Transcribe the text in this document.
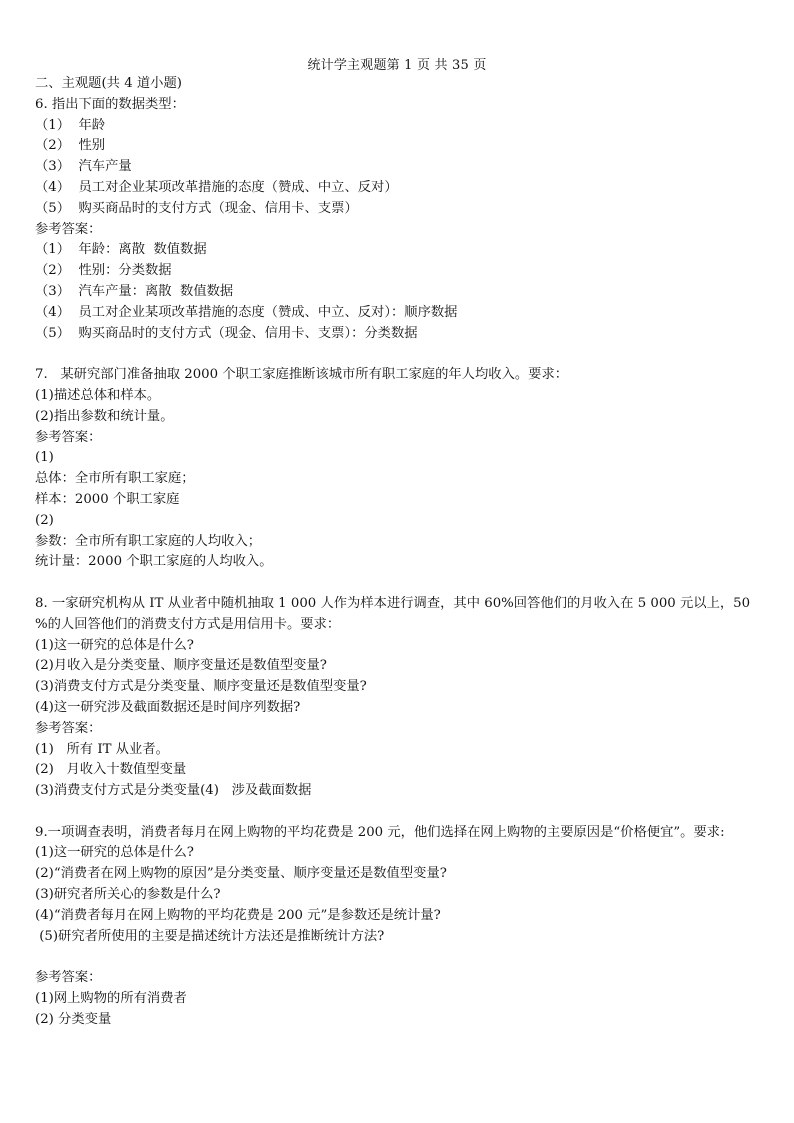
统计学主观题第 1 页 共 35 页
二、主观题(共 4 道小题)
6. 指出下面的数据类型：
（1）  年龄
（2）  性别
（3）  汽车产量
（4）  员工对企业某项改革措施的态度（赞成、中立、反对）
（5）  购买商品时的支付方式（现金、信用卡、支票）
参考答案：
（1）  年龄：离散  数值数据
（2）  性别：分类数据
（3）  汽车产量：离散  数值数据
（4）  员工对企业某项改革措施的态度（赞成、中立、反对）：顺序数据
（5）  购买商品时的支付方式（现金、信用卡、支票）：分类数据
7.   某研究部门准备抽取 2000 个职工家庭推断该城市所有职工家庭的年人均收入。要求：
(1)描述总体和样本。
(2)指出参数和统计量。
参考答案：
(1)
总体：全市所有职工家庭；
样本：2000 个职工家庭
(2)
参数：全市所有职工家庭的人均收入；
统计量：2000 个职工家庭的人均收入。
8. 一家研究机构从 IT 从业者中随机抽取 1 000 人作为样本进行调查，其中 60%回答他们的月收入在 5 000 元以上，50
%的人回答他们的消费支付方式是用信用卡。要求：
(1)这一研究的总体是什么?
(2)月收入是分类变量、顺序变量还是数值型变量?
(3)消费支付方式是分类变量、顺序变量还是数值型变量?
(4)这一研究涉及截面数据还是时间序列数据?
参考答案：
(1)   所有 IT 从业者。
(2)   月收入十数值型变量
(3)消费支付方式是分类变量(4)   涉及截面数据
9.一项调查表明，消费者每月在网上购物的平均花费是 200 元，他们选择在网上购物的主要原因是“价格便宜”。要求:
(1)这一研究的总体是什么?
(2)“消费者在网上购物的原因”是分类变量、顺序变量还是数值型变量?
(3)研究者所关心的参数是什么?
(4)“消费者每月在网上购物的平均花费是 200 元”是参数还是统计量?
(5)研究者所使用的主要是描述统计方法还是推断统计方法?
参考答案：
(1)网上购物的所有消费者
(2) 分类变量
